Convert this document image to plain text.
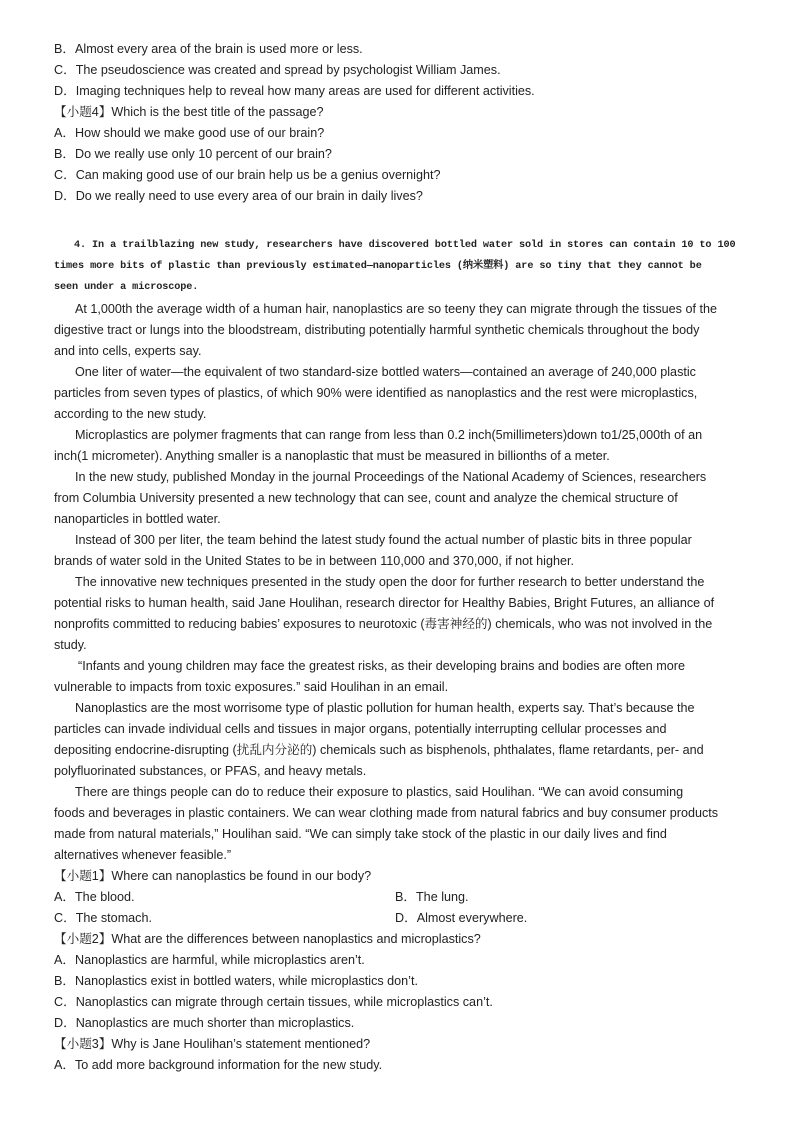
B．Almost every area of the brain is used more or less.
C．The pseudoscience was created and spread by psychologist William James.
D．Imaging techniques help to reveal how many areas are used for different activities.
【小题4】Which is the best title of the passage?
A．How should we make good use of our brain?
B．Do we really use only 10 percent of our brain?
C．Can making good use of our brain help us be a genius overnight?
D．Do we really need to use every area of our brain in daily lives?
4. In a trailblazing new study, researchers have discovered bottled water sold in stores can contain 10 to 100
times more bits of plastic than previously estimated—nanoparticles (纳米塑料) are so tiny that they cannot be
seen under a microscope.
At 1,000th the average width of a human hair, nanoplastics are so teeny they can migrate through the tissues of the
digestive tract or lungs into the bloodstream, distributing potentially harmful synthetic chemicals throughout the body
and into cells, experts say.
One liter of water—the equivalent of two standard-size bottled waters—contained an average of 240,000 plastic
particles from seven types of plastics, of which 90% were identified as nanoplastics and the rest were microplastics,
according to the new study.
Microplastics are polymer fragments that can range from less than 0.2 inch(5millimeters)down to1/25,000th of an
inch(1 micrometer). Anything smaller is a nanoplastic that must be measured in billionths of a meter.
In the new study, published Monday in the journal Proceedings of the National Academy of Sciences, researchers
from Columbia University presented a new technology that can see, count and analyze the chemical structure of
nanoparticles in bottled water.
Instead of 300 per liter, the team behind the latest study found the actual number of plastic bits in three popular
brands of water sold in the United States to be in between 110,000 and 370,000, if not higher.
The innovative new techniques presented in the study open the door for further research to better understand the
potential risks to human health, said Jane Houlihan, research director for Healthy Babies, Bright Futures, an alliance of
nonprofits committed to reducing babies’ exposures to neurotoxic (毒害神经的) chemicals, who was not involved in the
study.
“Infants and young children may face the greatest risks, as their developing brains and bodies are often more
vulnerable to impacts from toxic exposures.” said Houlihan in an email.
Nanoplastics are the most worrisome type of plastic pollution for human health, experts say. That’s because the
particles can invade individual cells and tissues in major organs, potentially interrupting cellular processes and
depositing endocrine-disrupting (扰乱内分泌的) chemicals such as bisphenols, phthalates, flame retardants, per- and
polyfluorinated substances, or PFAS, and heavy metals.
There are things people can do to reduce their exposure to plastics, said Houlihan. “We can avoid consuming
foods and beverages in plastic containers. We can wear clothing made from natural fabrics and buy consumer products
made from natural materials,” Houlihan said. “We can simply take stock of the plastic in our daily lives and find
alternatives whenever feasible.”
【小题1】Where can nanoplastics be found in our body?
A．The blood.	B．The lung.
C．The stomach.	D．Almost everywhere.
【小题2】What are the differences between nanoplastics and microplastics?
A．Nanoplastics are harmful, while microplastics aren’t.
B．Nanoplastics exist in bottled waters, while microplastics don’t.
C．Nanoplastics can migrate through certain tissues, while microplastics can’t.
D．Nanoplastics are much shorter than microplastics.
【小题3】Why is Jane Houlihan’s statement mentioned?
A．To add more background information for the new study.
